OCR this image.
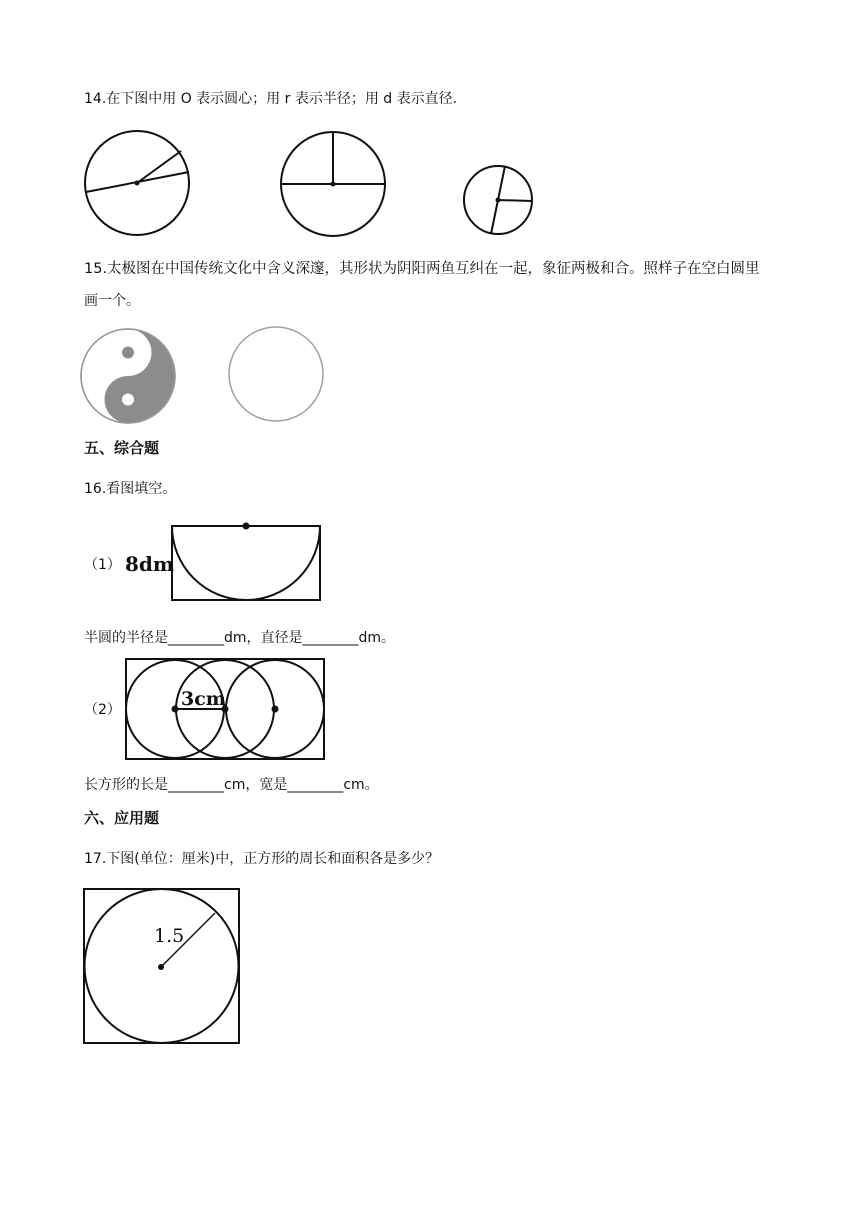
14.在下图中用 O 表示圆心；用 r 表示半径；用 d 表示直径.
15.太极图在中国传统文化中含义深邃，其形状为阴阳两鱼互纠在一起，象征两极和合。照样子在空白圆里
画一个。
五、综合题
16.看图填空。
（1） 8dm
半圆的半径是________dm，直径是________dm。
（2）	3cm
长方形的长是________cm，宽是________cm。
六、应用题
17.下图(单位：厘米)中，正方形的周长和面积各是多少？
1.5
